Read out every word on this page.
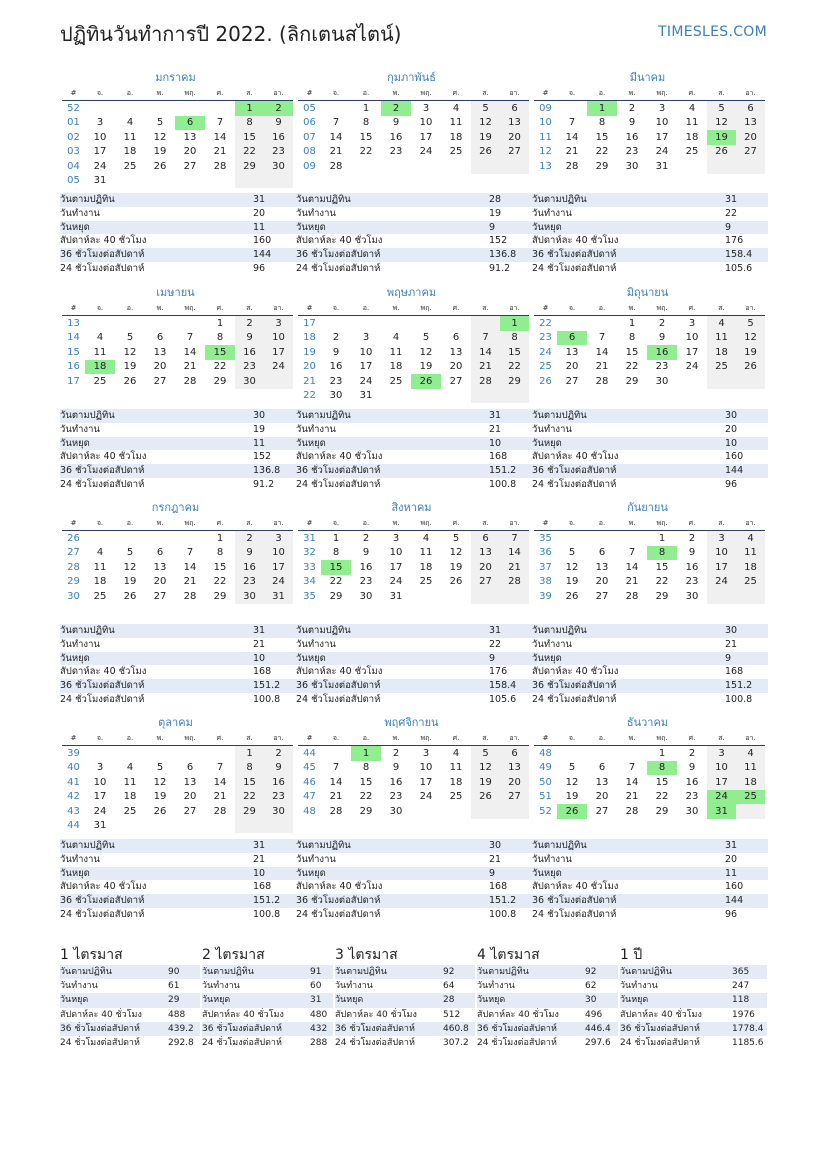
ปฏิทินวันทำการปี 2022. (ลิกเตนสไตน์)	TIMESLES.COM
มกราคม
#	จ.	อ.	พ.	พฤ.	ศ.	ส.	อา.
52						1	2
01	3	4	5	6	7	8	9
02	10	11	12	13	14	15	16
03	17	18	19	20	21	22	23
04	24	25	26	27	28	29	30
05	31						
วันตามปฏิทิน	31
วันทำงาน	20
วันหยุด	11
สัปดาห์ละ 40 ชั่วโมง	160
36 ชั่วโมงต่อสัปดาห์	144
24 ชั่วโมงต่อสัปดาห์	96
กุมภาพันธ์
#	จ.	อ.	พ.	พฤ.	ศ.	ส.	อา.
05		1	2	3	4	5	6
06	7	8	9	10	11	12	13
07	14	15	16	17	18	19	20
08	21	22	23	24	25	26	27
09	28						
วันตามปฏิทิน	28
วันทำงาน	19
วันหยุด	9
สัปดาห์ละ 40 ชั่วโมง	152
36 ชั่วโมงต่อสัปดาห์	136.8
24 ชั่วโมงต่อสัปดาห์	91.2
มีนาคม
#	จ.	อ.	พ.	พฤ.	ศ.	ส.	อา.
09		1	2	3	4	5	6
10	7	8	9	10	11	12	13
11	14	15	16	17	18	19	20
12	21	22	23	24	25	26	27
13	28	29	30	31			
วันตามปฏิทิน	31
วันทำงาน	22
วันหยุด	9
สัปดาห์ละ 40 ชั่วโมง	176
36 ชั่วโมงต่อสัปดาห์	158.4
24 ชั่วโมงต่อสัปดาห์	105.6
เมษายน
#	จ.	อ.	พ.	พฤ.	ศ.	ส.	อา.
13					1	2	3
14	4	5	6	7	8	9	10
15	11	12	13	14	15	16	17
16	18	19	20	21	22	23	24
17	25	26	27	28	29	30	
วันตามปฏิทิน	30
วันทำงาน	19
วันหยุด	11
สัปดาห์ละ 40 ชั่วโมง	152
36 ชั่วโมงต่อสัปดาห์	136.8
24 ชั่วโมงต่อสัปดาห์	91.2
พฤษภาคม
#	จ.	อ.	พ.	พฤ.	ศ.	ส.	อา.
17							1
18	2	3	4	5	6	7	8
19	9	10	11	12	13	14	15
20	16	17	18	19	20	21	22
21	23	24	25	26	27	28	29
22	30	31					
วันตามปฏิทิน	31
วันทำงาน	21
วันหยุด	10
สัปดาห์ละ 40 ชั่วโมง	168
36 ชั่วโมงต่อสัปดาห์	151.2
24 ชั่วโมงต่อสัปดาห์	100.8
มิถุนายน
#	จ.	อ.	พ.	พฤ.	ศ.	ส.	อา.
22			1	2	3	4	5
23	6	7	8	9	10	11	12
24	13	14	15	16	17	18	19
25	20	21	22	23	24	25	26
26	27	28	29	30			
วันตามปฏิทิน	30
วันทำงาน	20
วันหยุด	10
สัปดาห์ละ 40 ชั่วโมง	160
36 ชั่วโมงต่อสัปดาห์	144
24 ชั่วโมงต่อสัปดาห์	96
กรกฎาคม
#	จ.	อ.	พ.	พฤ.	ศ.	ส.	อา.
26					1	2	3
27	4	5	6	7	8	9	10
28	11	12	13	14	15	16	17
29	18	19	20	21	22	23	24
30	25	26	27	28	29	30	31
วันตามปฏิทิน	31
วันทำงาน	21
วันหยุด	10
สัปดาห์ละ 40 ชั่วโมง	168
36 ชั่วโมงต่อสัปดาห์	151.2
24 ชั่วโมงต่อสัปดาห์	100.8
สิงหาคม
#	จ.	อ.	พ.	พฤ.	ศ.	ส.	อา.
31	1	2	3	4	5	6	7
32	8	9	10	11	12	13	14
33	15	16	17	18	19	20	21
34	22	23	24	25	26	27	28
35	29	30	31				
วันตามปฏิทิน	31
วันทำงาน	22
วันหยุด	9
สัปดาห์ละ 40 ชั่วโมง	176
36 ชั่วโมงต่อสัปดาห์	158.4
24 ชั่วโมงต่อสัปดาห์	105.6
กันยายน
#	จ.	อ.	พ.	พฤ.	ศ.	ส.	อา.
35				1	2	3	4
36	5	6	7	8	9	10	11
37	12	13	14	15	16	17	18
38	19	20	21	22	23	24	25
39	26	27	28	29	30		
วันตามปฏิทิน	30
วันทำงาน	21
วันหยุด	9
สัปดาห์ละ 40 ชั่วโมง	168
36 ชั่วโมงต่อสัปดาห์	151.2
24 ชั่วโมงต่อสัปดาห์	100.8
ตุลาคม
#	จ.	อ.	พ.	พฤ.	ศ.	ส.	อา.
39						1	2
40	3	4	5	6	7	8	9
41	10	11	12	13	14	15	16
42	17	18	19	20	21	22	23
43	24	25	26	27	28	29	30
44	31						
วันตามปฏิทิน	31
วันทำงาน	21
วันหยุด	10
สัปดาห์ละ 40 ชั่วโมง	168
36 ชั่วโมงต่อสัปดาห์	151.2
24 ชั่วโมงต่อสัปดาห์	100.8
พฤศจิกายน
#	จ.	อ.	พ.	พฤ.	ศ.	ส.	อา.
44		1	2	3	4	5	6
45	7	8	9	10	11	12	13
46	14	15	16	17	18	19	20
47	21	22	23	24	25	26	27
48	28	29	30				
วันตามปฏิทิน	30
วันทำงาน	21
วันหยุด	9
สัปดาห์ละ 40 ชั่วโมง	168
36 ชั่วโมงต่อสัปดาห์	151.2
24 ชั่วโมงต่อสัปดาห์	100.8
ธันวาคม
#	จ.	อ.	พ.	พฤ.	ศ.	ส.	อา.
48				1	2	3	4
49	5	6	7	8	9	10	11
50	12	13	14	15	16	17	18
51	19	20	21	22	23	24	25
52	26	27	28	29	30	31	
วันตามปฏิทิน	31
วันทำงาน	20
วันหยุด	11
สัปดาห์ละ 40 ชั่วโมง	160
36 ชั่วโมงต่อสัปดาห์	144
24 ชั่วโมงต่อสัปดาห์	96
1 ไตรมาส
วันตามปฏิทิน	90
วันทำงาน	61
วันหยุด	29
สัปดาห์ละ 40 ชั่วโมง	488
36 ชั่วโมงต่อสัปดาห์	439.2
24 ชั่วโมงต่อสัปดาห์	292.8
2 ไตรมาส
วันตามปฏิทิน	91
วันทำงาน	60
วันหยุด	31
สัปดาห์ละ 40 ชั่วโมง	480
36 ชั่วโมงต่อสัปดาห์	432
24 ชั่วโมงต่อสัปดาห์	288
3 ไตรมาส
วันตามปฏิทิน	92
วันทำงาน	64
วันหยุด	28
สัปดาห์ละ 40 ชั่วโมง	512
36 ชั่วโมงต่อสัปดาห์	460.8
24 ชั่วโมงต่อสัปดาห์	307.2
4 ไตรมาส
วันตามปฏิทิน	92
วันทำงาน	62
วันหยุด	30
สัปดาห์ละ 40 ชั่วโมง	496
36 ชั่วโมงต่อสัปดาห์	446.4
24 ชั่วโมงต่อสัปดาห์	297.6
1 ปี
วันตามปฏิทิน	365
วันทำงาน	247
วันหยุด	118
สัปดาห์ละ 40 ชั่วโมง	1976
36 ชั่วโมงต่อสัปดาห์	1778.4
24 ชั่วโมงต่อสัปดาห์	1185.6
